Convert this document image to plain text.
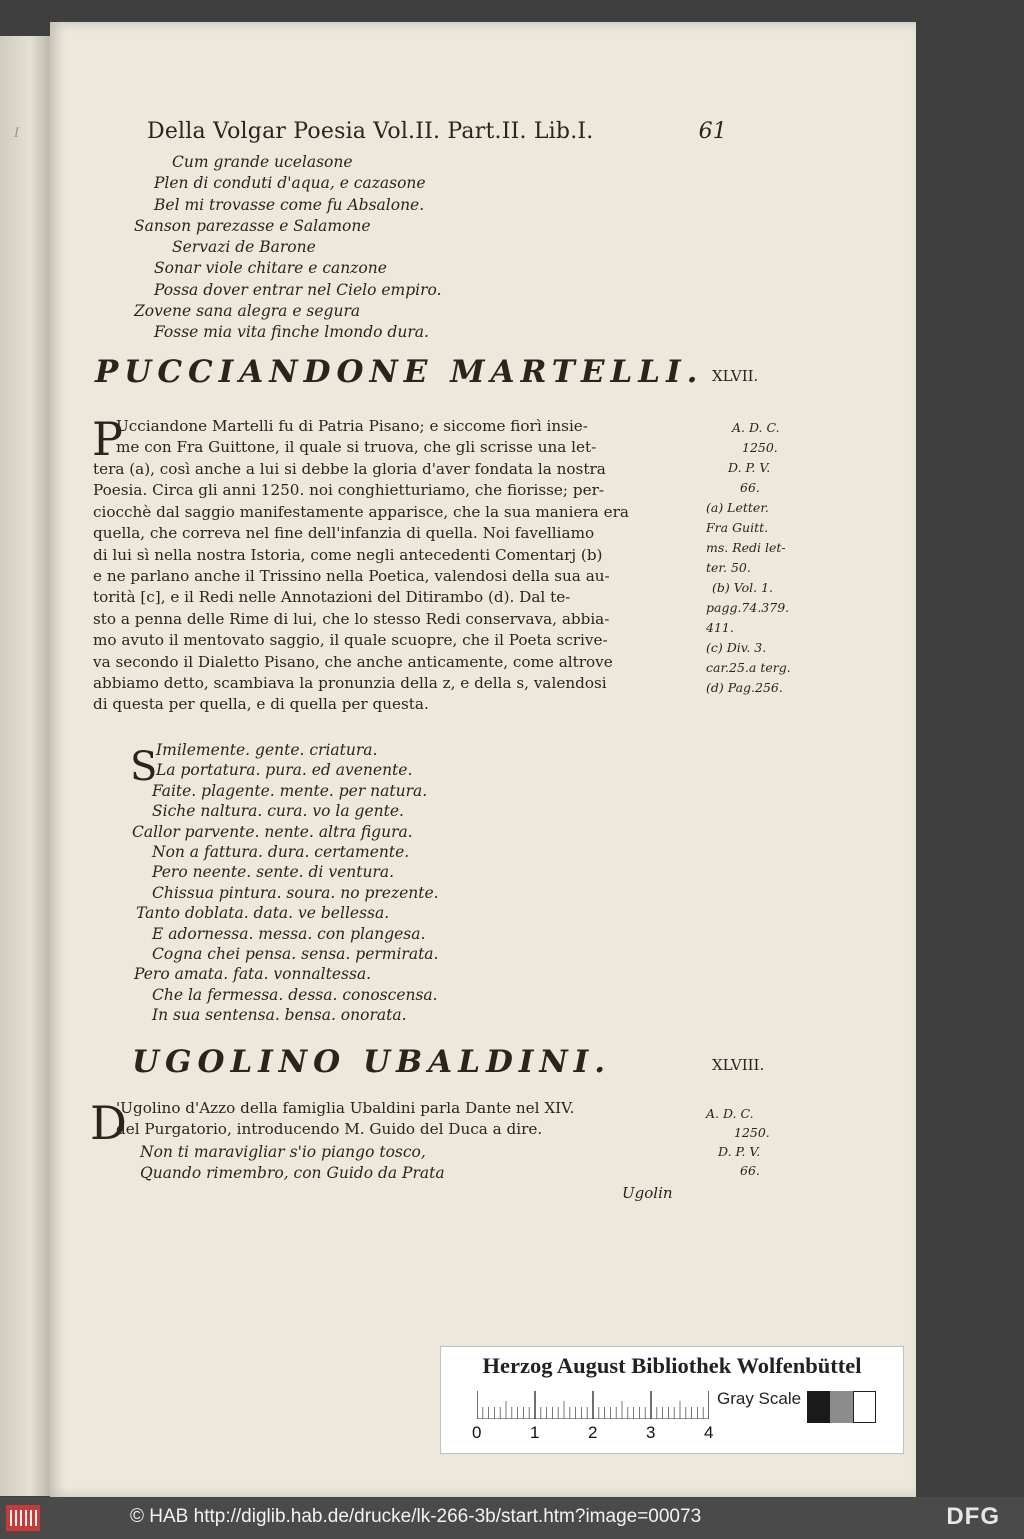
I	Della Volgar Poesia Vol.II. Part.II. Lib.I.	61
Cum grande ucelasone
Plen di conduti d'aqua, e cazasone
Bel mi trovasse come fu Absalone.
Sanson parezasse e Salamone
Servazi de Barone
Sonar viole chitare e canzone
Possa dover entrar nel Cielo empiro.
Zovene sana alegra e segura
Fosse mia vita finche lmondo dura.
PUCCIANDONE MARTELLI. XLVII.
P
Ucciandone Martelli fu di Patria Pisano; e siccome fiorì insie-
me con Fra Guittone, il quale si truova, che gli scrisse una let-
tera (a), così anche a lui si debbe la gloria d'aver fondata la nostra
Poesia. Circa gli anni 1250. noi conghietturiamo, che fiorisse; per-
ciocchè dal saggio manifestamente apparisce, che la sua maniera era
quella, che correva nel fine dell'infanzia di quella. Noi favelliamo
di lui sì nella nostra Istoria, come negli antecedenti Comentarj (b)
e ne parlano anche il Trissino nella Poetica, valendosi della sua au-
torità [c], e il Redi nelle Annotazioni del Ditirambo (d). Dal te-
sto a penna delle Rime di lui, che lo stesso Redi conservava, abbia-
mo avuto il mentovato saggio, il quale scuopre, che il Poeta scrive-
va secondo il Dialetto Pisano, che anche anticamente, come altrove
abbiamo detto, scambiava la pronunzia della z, e della s, valendosi
di questa per quella, e di quella per questa.
A. D. C.
1250.
D. P. V.
66.
(a) Letter.
Fra Guitt.
ms. Redi let-
ter. 50.
(b) Vol. 1.
pagg.74.379.
411.
(c) Div. 3.
car.25.a terg.
(d) Pag.256.
S
Imilemente. gente. criatura.
La portatura. pura. ed avenente.
Faite. plagente. mente. per natura.
Siche naltura. cura. vo la gente.
Callor parvente. nente. altra figura.
Non a fattura. dura. certamente.
Pero neente. sente. di ventura.
Chissua pintura. soura. no prezente.
Tanto doblata. data. ve bellessa.
E adornessa. messa. con plangesa.
Cogna chei pensa. sensa. permirata.
Pero amata. fata. vonnaltessa.
Che la fermessa. dessa. conoscensa.
In sua sentensa. bensa. onorata.
UGOLINO UBALDINI.	XLVIII.
D
'Ugolino d'Azzo della famiglia Ubaldini parla Dante nel XIV.
del Purgatorio, introducendo M. Guido del Duca a dire.
Non ti maravigliar s'io piango tosco,
Quando rimembro, con Guido da Prata
A. D. C.
1250.
D. P. V.
66.
Ugolin
Herzog August Bibliothek Wolfenbüttel
0	1	2	3	4
Gray Scale
© HAB http://diglib.hab.de/drucke/lk-266-3b/start.htm?image=00073	DFG
